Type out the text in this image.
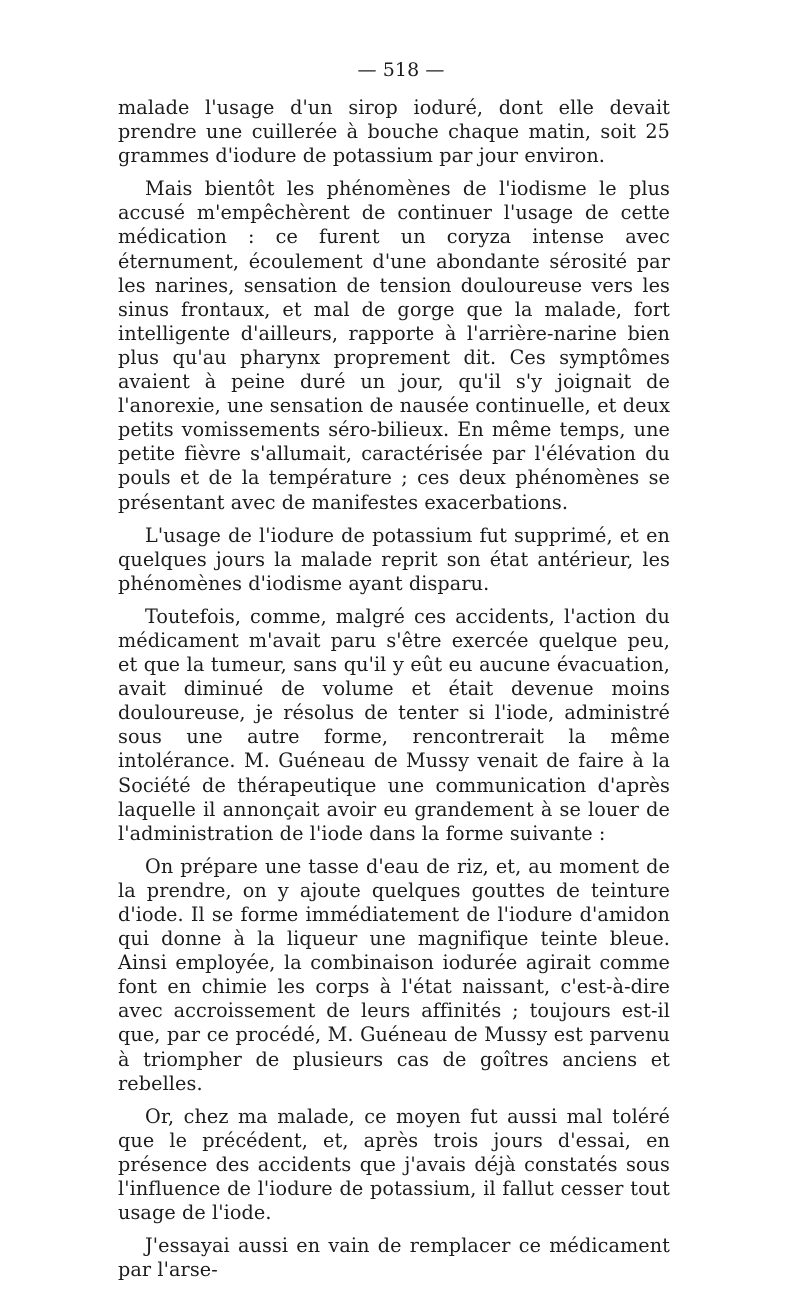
— 518 —

malade l'usage d'un sirop ioduré, dont elle devait prendre une cuillerée à bouche chaque matin, soit 25 grammes d'iodure de potassium par jour environ.

Mais bientôt les phénomènes de l'iodisme le plus accusé m'empêchèrent de continuer l'usage de cette médication : ce furent un coryza intense avec éternument, écoulement d'une abondante sérosité par les narines, sensation de tension douloureuse vers les sinus frontaux, et mal de gorge que la malade, fort intelligente d'ailleurs, rapporte à l'arrière-narine bien plus qu'au pharynx proprement dit. Ces symptômes avaient à peine duré un jour, qu'il s'y joignait de l'anorexie, une sensation de nausée continuelle, et deux petits vomissements séro-bilieux. En même temps, une petite fièvre s'allumait, caractérisée par l'élévation du pouls et de la température ; ces deux phénomènes se présentant avec de manifestes exacerbations.

L'usage de l'iodure de potassium fut supprimé, et en quelques jours la malade reprit son état antérieur, les phénomènes d'iodisme ayant disparu.

Toutefois, comme, malgré ces accidents, l'action du médicament m'avait paru s'être exercée quelque peu, et que la tumeur, sans qu'il y eût eu aucune évacuation, avait diminué de volume et était devenue moins douloureuse, je résolus de tenter si l'iode, administré sous une autre forme, rencontrerait la même intolérance. M. Guéneau de Mussy venait de faire à la Société de thérapeutique une communication d'après laquelle il annonçait avoir eu grandement à se louer de l'administration de l'iode dans la forme suivante :

On prépare une tasse d'eau de riz, et, au moment de la prendre, on y ajoute quelques gouttes de teinture d'iode. Il se forme immédiatement de l'iodure d'amidon qui donne à la liqueur une magnifique teinte bleue. Ainsi employée, la combinaison iodurée agirait comme font en chimie les corps à l'état naissant, c'est-à-dire avec accroissement de leurs affinités ; toujours est-il que, par ce procédé, M. Guéneau de Mussy est parvenu à triompher de plusieurs cas de goîtres anciens et rebelles.

Or, chez ma malade, ce moyen fut aussi mal toléré que le précédent, et, après trois jours d'essai, en présence des accidents que j'avais déjà constatés sous l'influence de l'iodure de potassium, il fallut cesser tout usage de l'iode.

J'essayai aussi en vain de remplacer ce médicament par l'arse-
